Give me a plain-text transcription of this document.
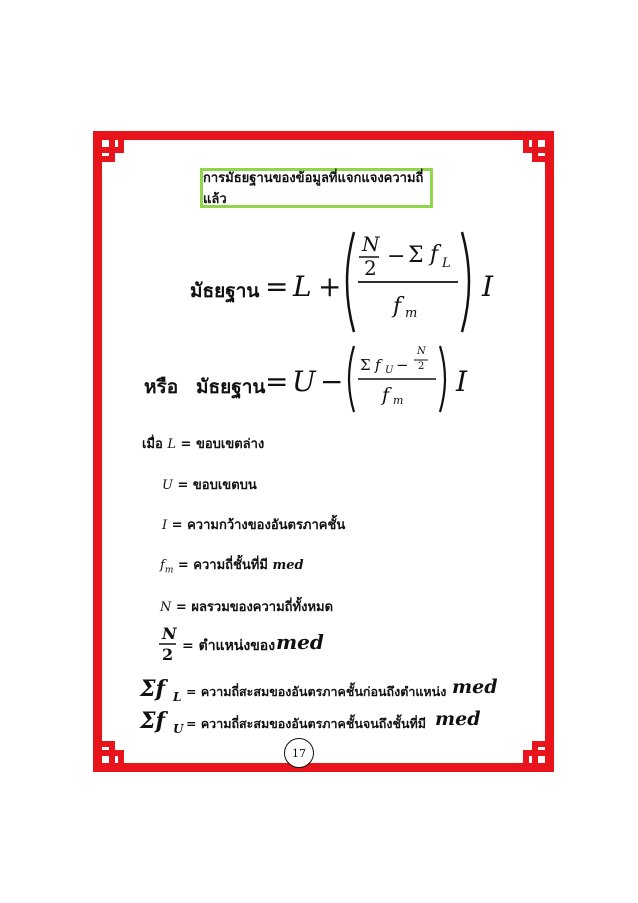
การมัธยฐานของข้อมูลที่แจกแจงความถี่แล้ว
มัธยฐาน = L +
N
2 − Σ f L
f m
I
หรือ มัธยฐาน = U − Σ f U −
N
2
f m
I
เมื่อ L = ขอบเขตล่าง
U = ขอบเขตบน
I = ความกว้างของอันตรภาคชั้น
$f_m$ = ความถี่ชั้นที่มี med
N = ผลรวมของความถี่ทั้งหมด
N
2 = ตำแหน่งของ med
Σf L = ความถี่สะสมของอันตรภาคชั้นก่อนถึงตำแหน่ง med
Σf U = ความถี่สะสมของอันตรภาคชั้นจนถึงชั้นที่มี med
17
